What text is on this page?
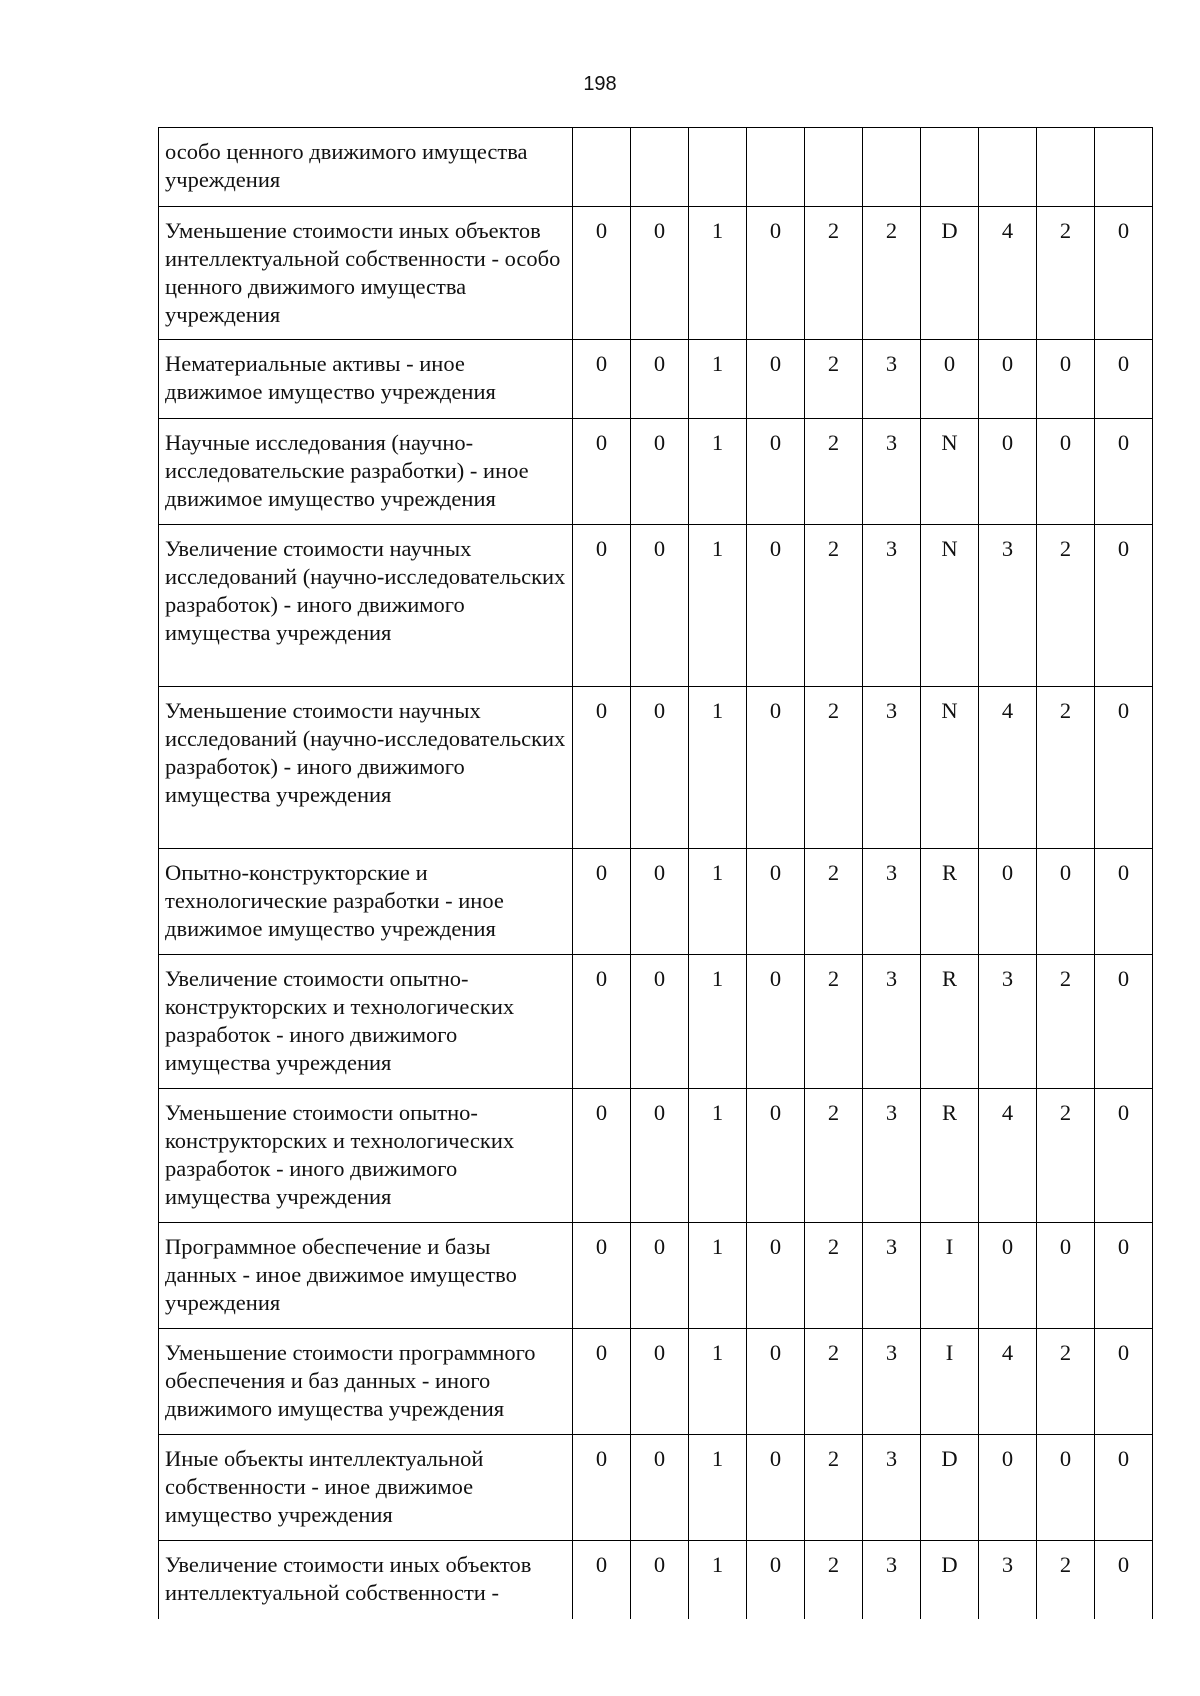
198
особо ценного движимого имущества учреждения										
Уменьшение стоимости иных объектов интеллектуальной собственности - особо ценного движимого имущества учреждения	0	0	1	0	2	2	D	4	2	0
Нематериальные активы - иное движимое имущество учреждения	0	0	1	0	2	3	0	0	0	0
Научные исследования (научно-исследовательские разработки) - иное движимое имущество учреждения	0	0	1	0	2	3	N	0	0	0
Увеличение стоимости научных исследований (научно-исследовательских разработок) - иного движимого имущества учреждения	0	0	1	0	2	3	N	3	2	0
Уменьшение стоимости научных исследований (научно-исследовательских разработок) - иного движимого имущества учреждения	0	0	1	0	2	3	N	4	2	0
Опытно-конструкторские и технологические разработки - иное движимое имущество учреждения	0	0	1	0	2	3	R	0	0	0
Увеличение стоимости опытно-конструкторских и технологических разработок - иного движимого имущества учреждения	0	0	1	0	2	3	R	3	2	0
Уменьшение стоимости опытно-конструкторских и технологических разработок - иного движимого имущества учреждения	0	0	1	0	2	3	R	4	2	0
Программное обеспечение и базы данных - иное движимое имущество учреждения	0	0	1	0	2	3	I	0	0	0
Уменьшение стоимости программного обеспечения и баз данных - иного движимого имущества учреждения	0	0	1	0	2	3	I	4	2	0
Иные объекты интеллектуальной собственности - иное движимое имущество учреждения	0	0	1	0	2	3	D	0	0	0
Увеличение стоимости иных объектов интеллектуальной собственности -	0	0	1	0	2	3	D	3	2	0
